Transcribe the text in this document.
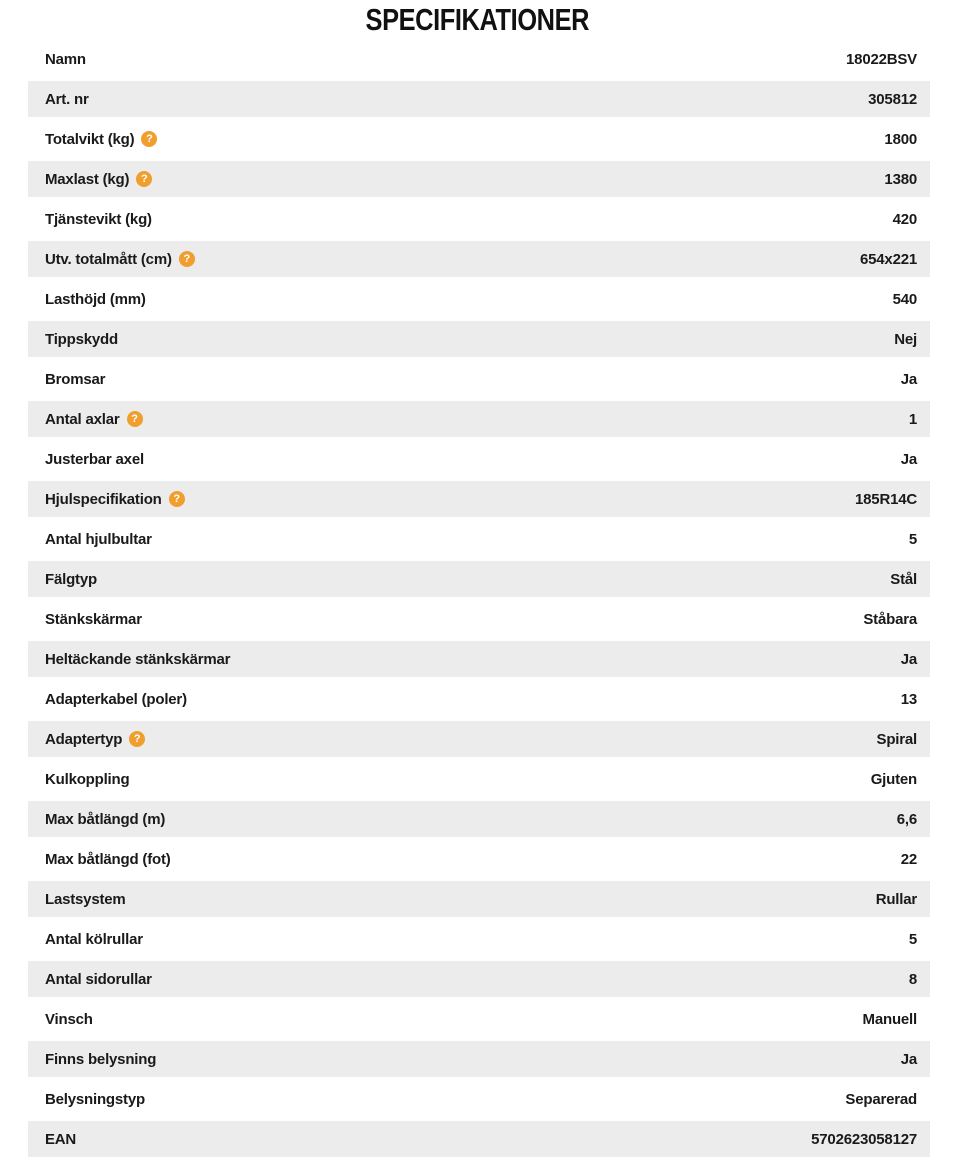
SPECIFIKATIONER
Namn	18022BSV
Art. nr	305812
Totalvikt (kg)	?	1800
Maxlast (kg)	?	1380
Tjänstevikt (kg)	420
Utv. totalmått (cm)	?	654x221
Lasthöjd (mm)	540
Tippskydd	Nej
Bromsar	Ja
Antal axlar	?	1
Justerbar axel	Ja
Hjulspecifikation	?	185R14C
Antal hjulbultar	5
Fälgtyp	Stål
Stänkskärmar	Ståbara
Heltäckande stänkskärmar	Ja
Adapterkabel (poler)	13
Adaptertyp	?	Spiral
Kulkoppling	Gjuten
Max båtlängd (m)	6,6
Max båtlängd (fot)	22
Lastsystem	Rullar
Antal kölrullar	5
Antal sidorullar	8
Vinsch	Manuell
Finns belysning	Ja
Belysningstyp	Separerad
EAN	5702623058127
